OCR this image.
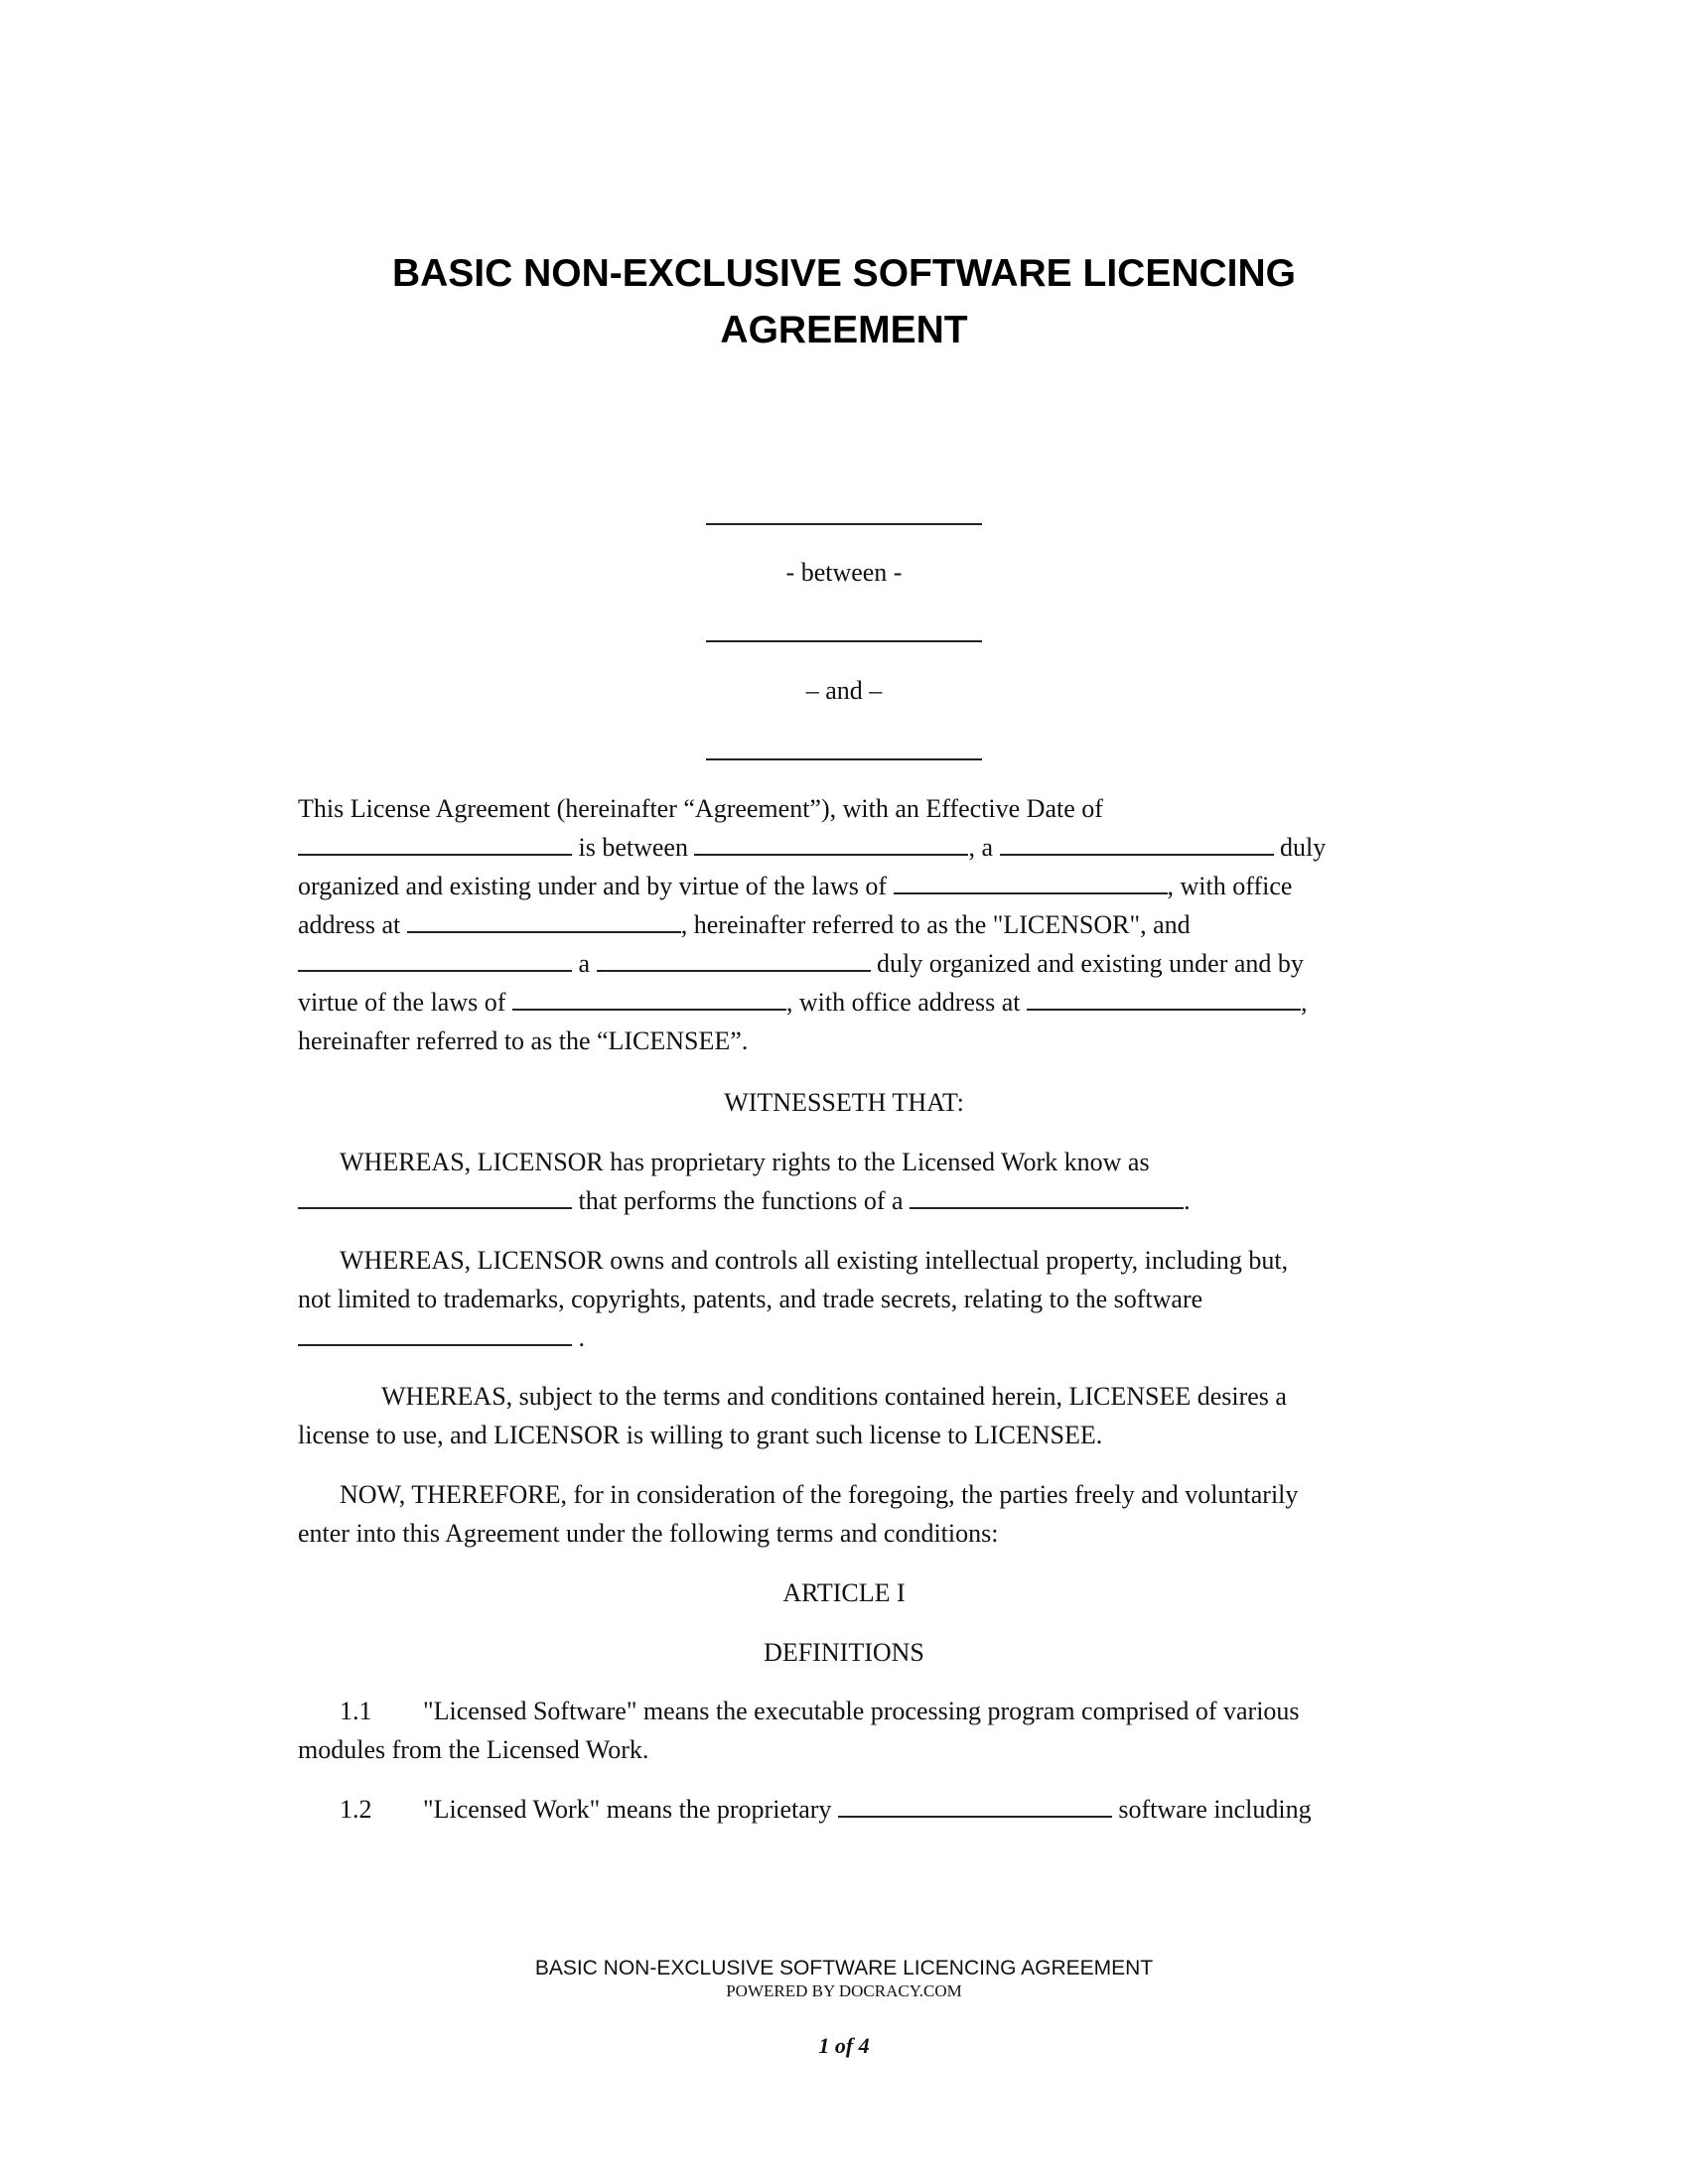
BASIC NON-EXCLUSIVE SOFTWARE LICENCING
AGREEMENT
- between -
– and –
This License Agreement (hereinafter “Agreement”), with an Effective Date of
is between	, a	duly
organized and existing under and by virtue of the laws of	, with office
address at	, hereinafter referred to as the "LICENSOR", and
a	duly organized and existing under and by
virtue of the laws of	, with office address at	,
hereinafter referred to as the “LICENSEE”.
WITNESSETH THAT:
WHEREAS, LICENSOR has proprietary rights to the Licensed Work know as
that performs the functions of a	.
WHEREAS, LICENSOR owns and controls all existing intellectual property, including but,
not limited to trademarks, copyrights, patents, and trade secrets, relating to the software
.
WHEREAS, subject to the terms and conditions contained herein, LICENSEE desires a
license to use, and LICENSOR is willing to grant such license to LICENSEE.
NOW, THEREFORE, for in consideration of the foregoing, the parties freely and voluntarily
enter into this Agreement under the following terms and conditions:
ARTICLE I
DEFINITIONS
1.1 "Licensed Software" means the executable processing program comprised of various
modules from the Licensed Work.
1.2 "Licensed Work" means the proprietary	software including
BASIC NON-EXCLUSIVE SOFTWARE LICENCING AGREEMENT
POWERED BY DOCRACY.COM
1 of 4
